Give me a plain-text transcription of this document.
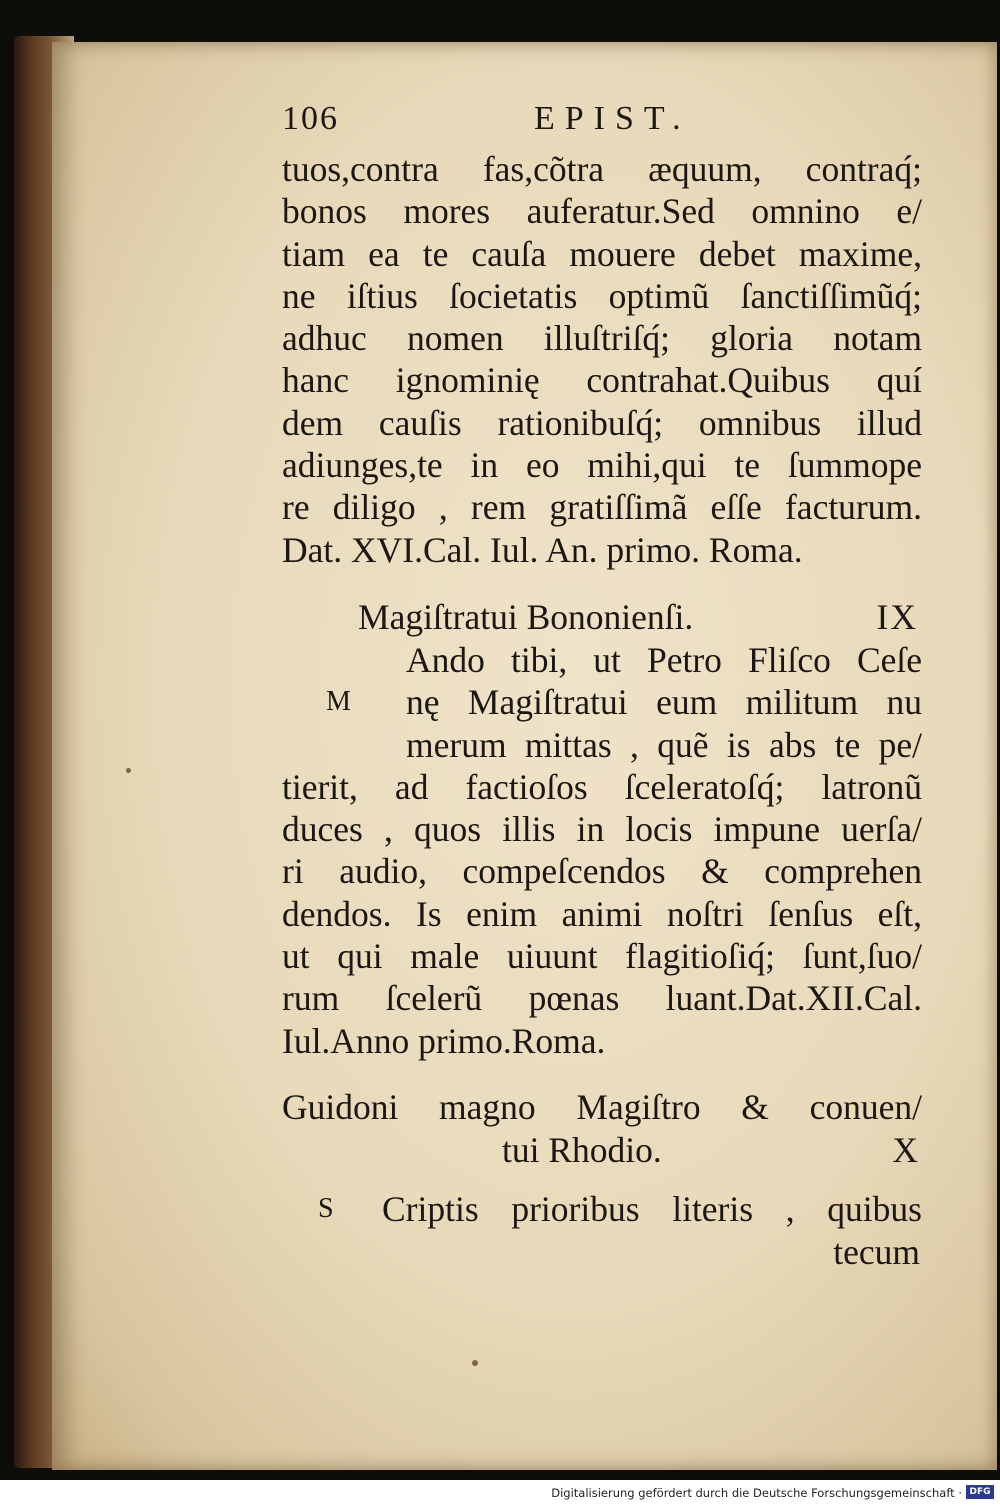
106	EPIST.
tuos,contra fas,cõtra æquum, contraq́;
bonos mores auferatur.Sed omnino e/
tiam ea te cauſa mouere debet maxime,
ne iſtius ſocietatis optimũ ſanctiſſimũq́;
adhuc nomen illuſtriſq́; gloria notam
hanc ignominię contrahat.Quibus quí
dem cauſis rationibuſq́; omnibus illud
adiunges,te in eo mihi,qui te ſummope
re diligo , rem gratiſſimã eſſe facturum.
Dat. XVI.Cal. Iul. An. primo. Roma.
Magiſtratui Bononienſi.	IX
Ando tibi, ut Petro Fliſco Ceſe
M nę Magiſtratui eum militum nu
merum mittas , quẽ is abs te pe/
tierit, ad factioſos ſceleratoſq́; latronũ
duces , quos illis in locis impune uerſa/
ri audio, compeſcendos & comprehen
dendos. Is enim animi noſtri ſenſus eſt,
ut qui male uiuunt flagitioſiq́; ſunt,ſuo/
rum ſcelerũ pœnas luant.Dat.XII.Cal.
Iul.Anno primo.Roma.
Guidoni magno Magiſtro & conuen/
tui Rhodio.	X
S Criptis prioribus literis , quibus
tecum
Digitalisierung gefördert durch die Deutsche Forschungsgemeinschaft · DFG
